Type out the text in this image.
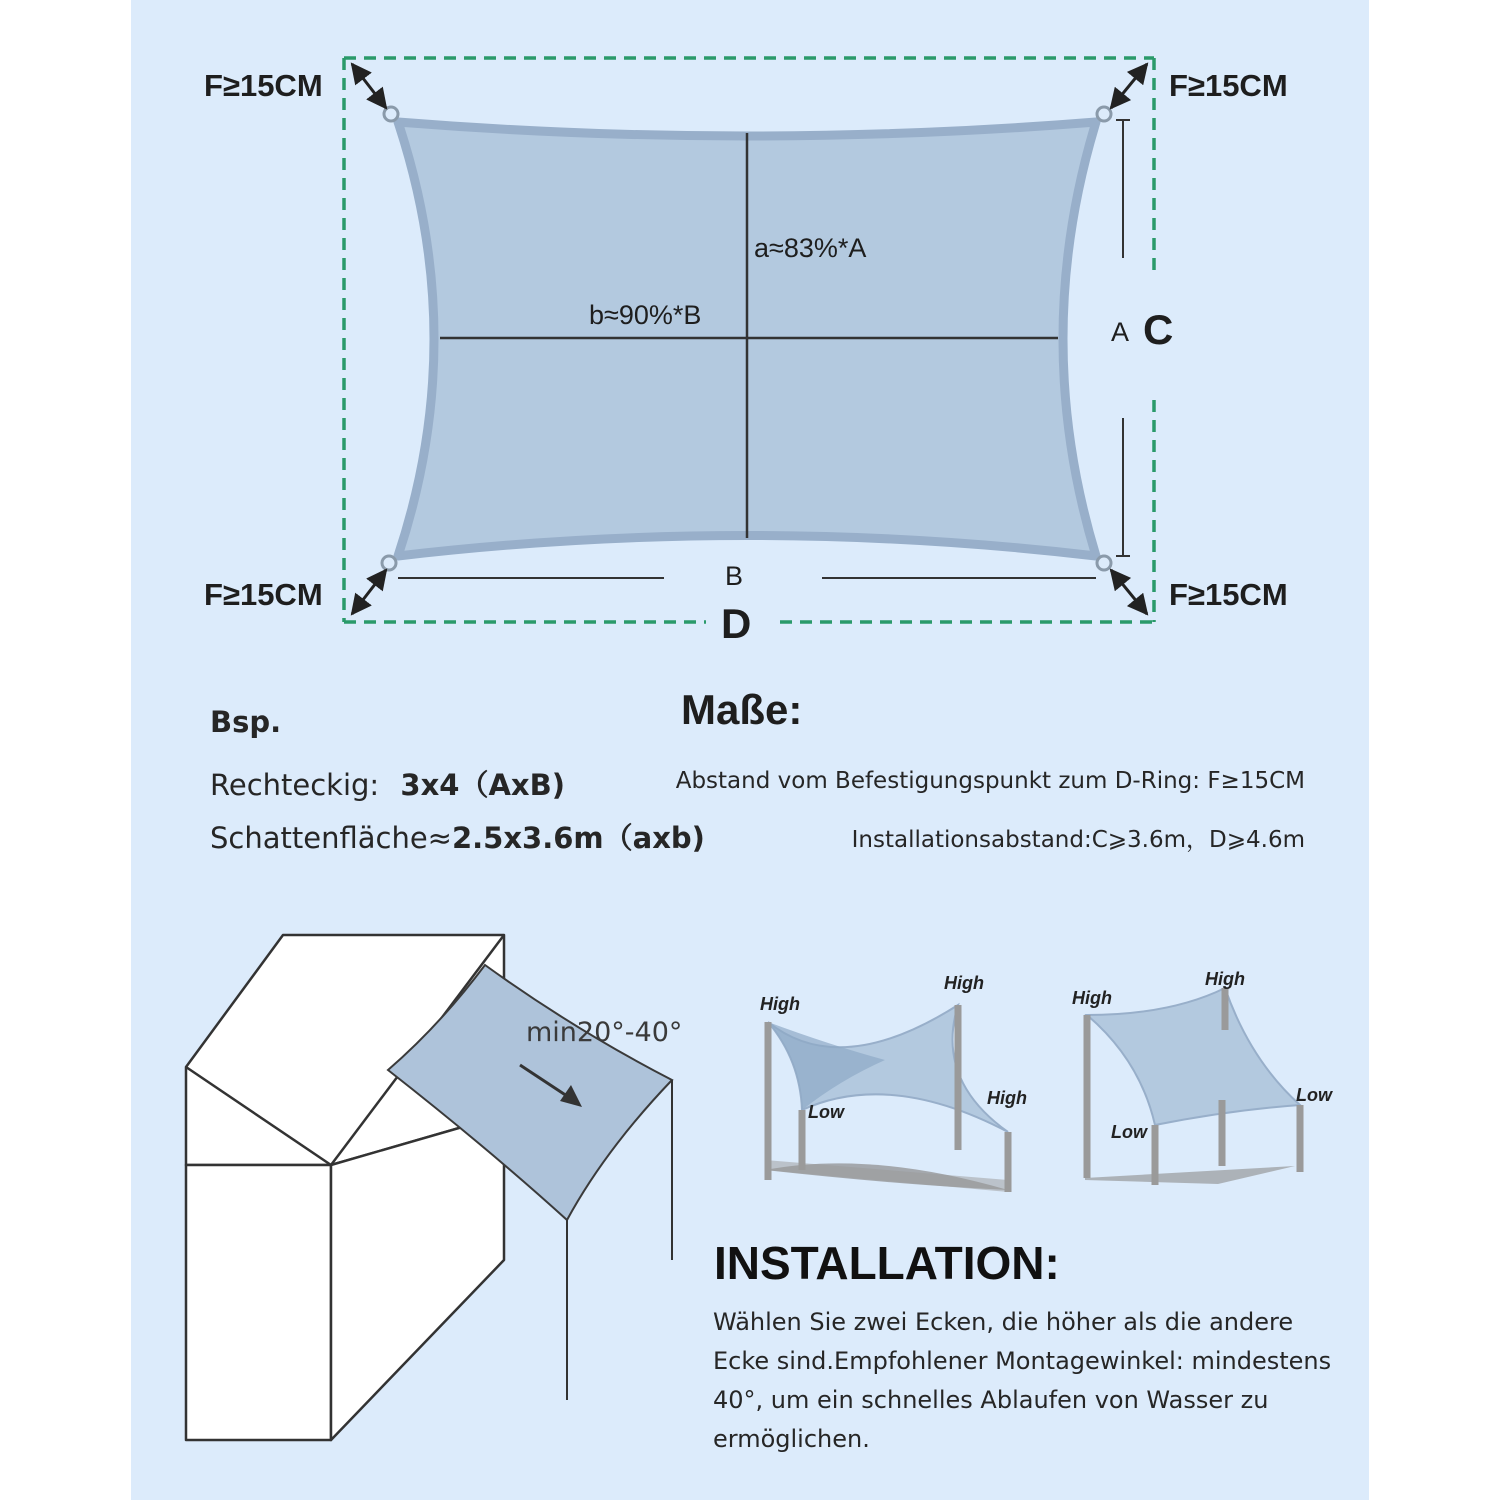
F≥15CM	F≥15CM
F≥15CM	F≥15CM
a≈83%*A
b≈90%*B
A C
B
D
Maße:
Bsp.
Rechteckig: 3x4（AxB)
Schattenfläche≈2.5x3.6m（axb)
Abstand vom Befestigungspunkt zum D-Ring: F≥15CM
Installationsabstand:C⩾3.6m，D⩾4.6m
min20°-40°
High
High
High
Low
High
High
Low
Low
INSTALLATION:
Wählen Sie zwei Ecken, die höher als die andere Ecke sind.Empfohlener Montagewinkel: mindestens 40°, um ein schnelles Ablaufen von Wasser zu ermöglichen.
